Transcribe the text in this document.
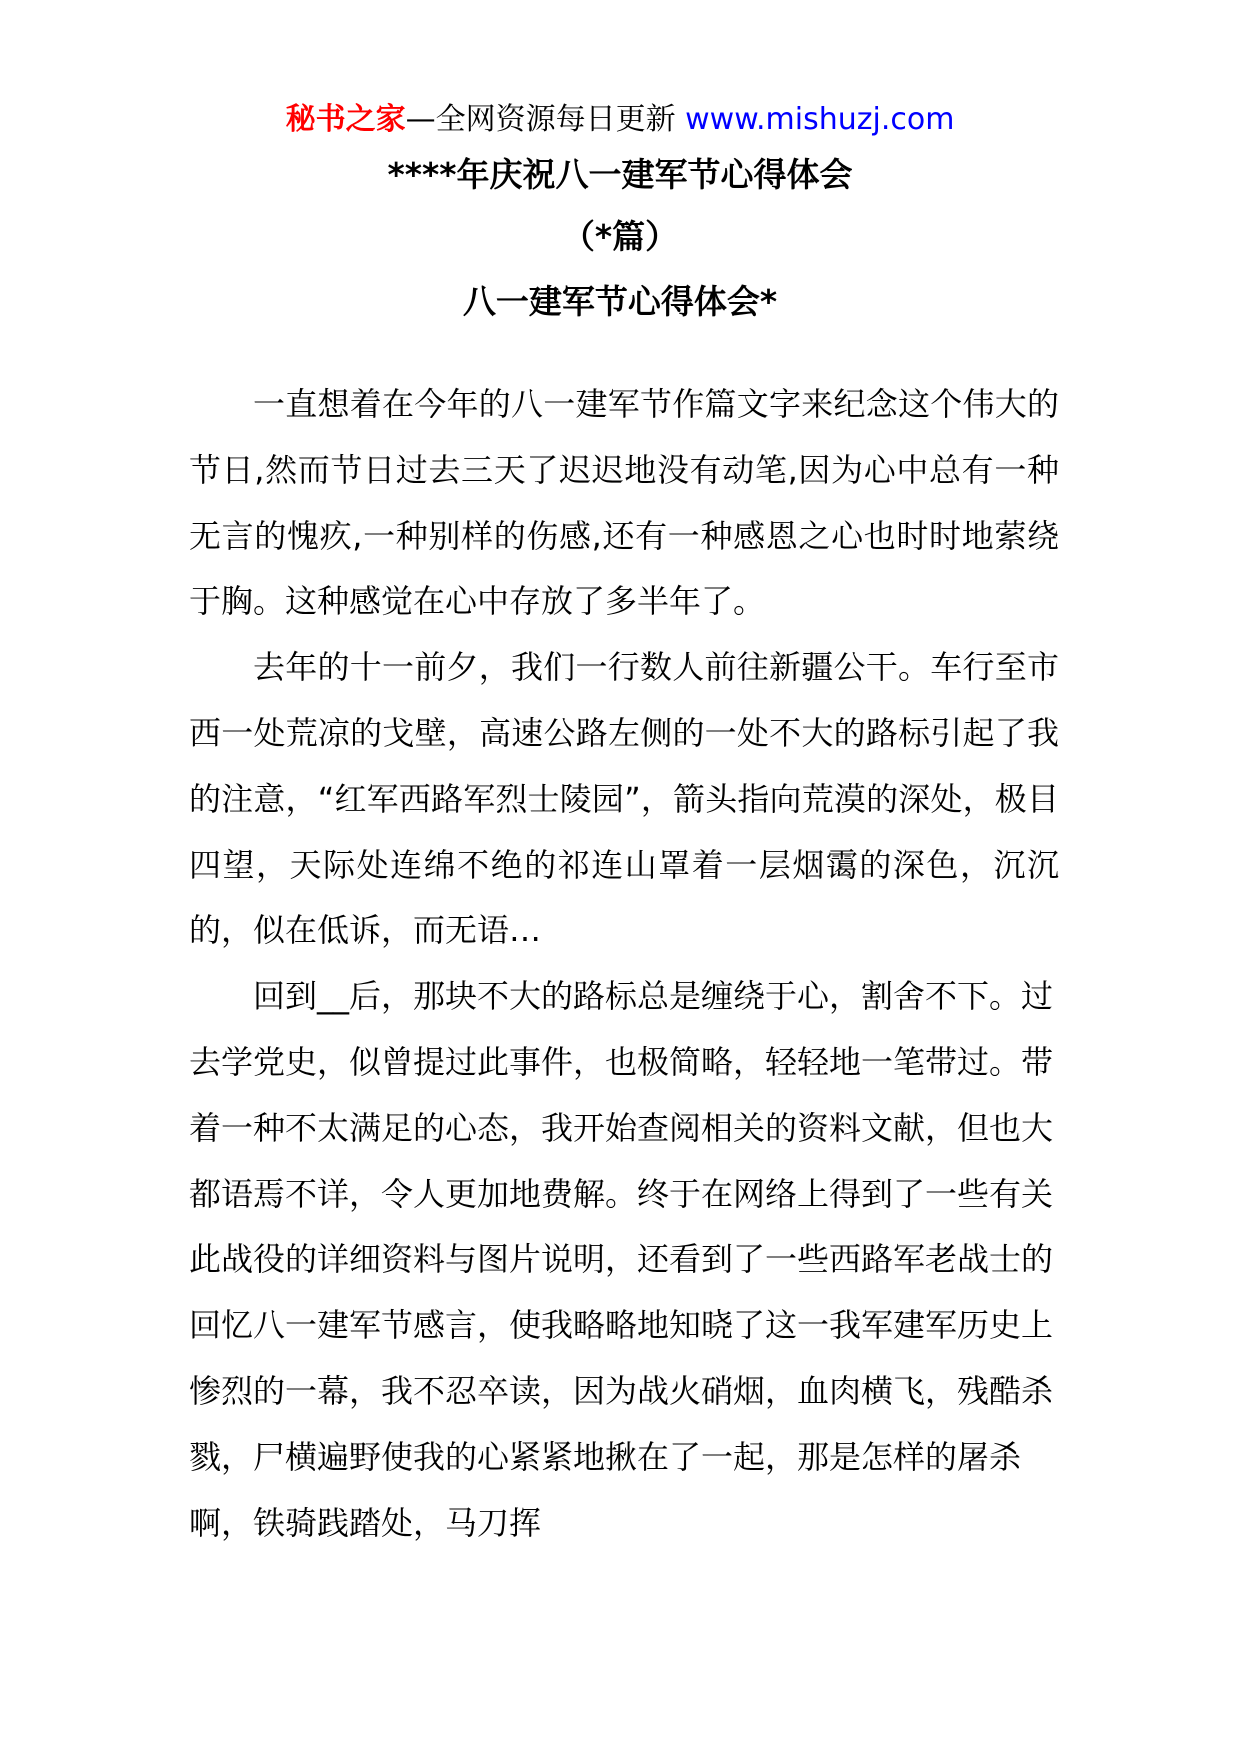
秘书之家—全网资源每日更新 www.mishuzj.com
****年庆祝八一建军节心得体会
（*篇）
八一建军节心得体会*

一直想着在今年的八一建军节作篇文字来纪念这个伟大的节日,然而节日过去三天了迟迟地没有动笔,因为心中总有一种无言的愧疚,一种别样的伤感,还有一种感恩之心也时时地萦绕于胸。这种感觉在心中存放了多半年了。

去年的十一前夕，我们一行数人前往新疆公干。车行至市西一处荒凉的戈壁，高速公路左侧的一处不大的路标引起了我的注意，“红军西路军烈士陵园”，箭头指向荒漠的深处，极目四望，天际处连绵不绝的祁连山罩着一层烟霭的深色，沉沉的，似在低诉，而无语…

回到__后，那块不大的路标总是缠绕于心，割舍不下。过去学党史，似曾提过此事件，也极简略，轻轻地一笔带过。带着一种不太满足的心态，我开始查阅相关的资料文献，但也大都语焉不详，令人更加地费解。终于在网络上得到了一些有关此战役的详细资料与图片说明，还看到了一些西路军老战士的回忆八一建军节感言，使我略略地知晓了这一我军建军历史上惨烈的一幕，我不忍卒读，因为战火硝烟，血肉横飞，残酷杀戮，尸横遍野使我的心紧紧地揪在了一起，那是怎样的屠杀啊，铁骑践踏处，马刀挥
